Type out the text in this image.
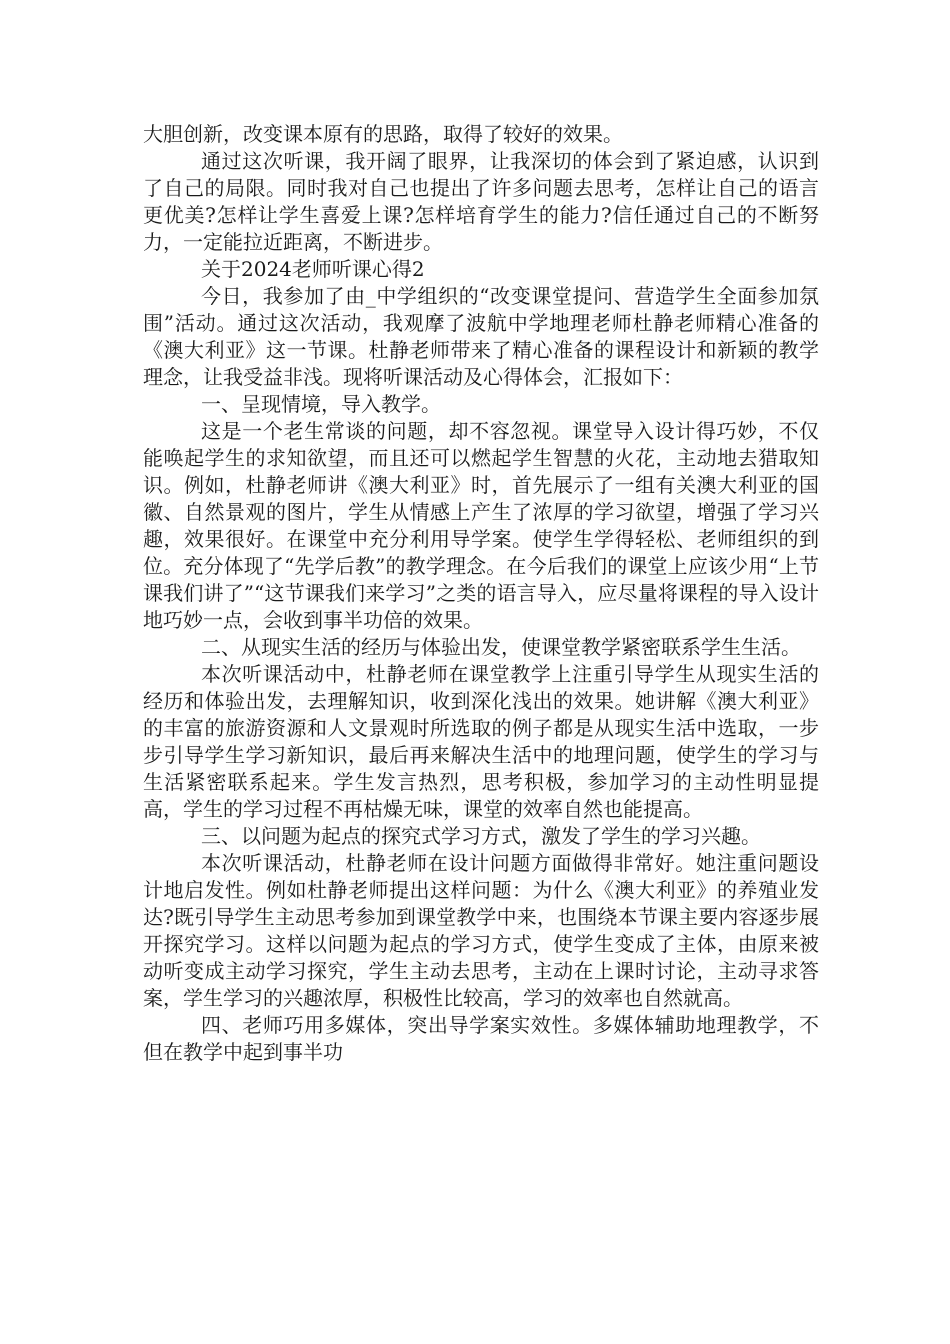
大胆创新，改变课本原有的思路，取得了较好的效果。

通过这次听课，我开阔了眼界，让我深切的体会到了紧迫感，认识到了自己的局限。同时我对自己也提出了许多问题去思考，怎样让自己的语言更优美?怎样让学生喜爱上课?怎样培育学生的能力?信任通过自己的不断努力，一定能拉近距离，不断进步。

关于2024老师听课心得2

今日，我参加了由_中学组织的“改变课堂提问、营造学生全面参加氛围”活动。通过这次活动，我观摩了波航中学地理老师杜静老师精心准备的《澳大利亚》这一节课。杜静老师带来了精心准备的课程设计和新颖的教学理念，让我受益非浅。现将听课活动及心得体会，汇报如下：

一、呈现情境，导入教学。

这是一个老生常谈的问题，却不容忽视。课堂导入设计得巧妙，不仅能唤起学生的求知欲望，而且还可以燃起学生智慧的火花，主动地去猎取知识。例如，杜静老师讲《澳大利亚》时，首先展示了一组有关澳大利亚的国徽、自然景观的图片，学生从情感上产生了浓厚的学习欲望，增强了学习兴趣，效果很好。在课堂中充分利用导学案。使学生学得轻松、老师组织的到位。充分体现了“先学后教”的教学理念。在今后我们的课堂上应该少用“上节课我们讲了”“这节课我们来学习”之类的语言导入，应尽量将课程的导入设计地巧妙一点，会收到事半功倍的效果。

二、从现实生活的经历与体验出发，使课堂教学紧密联系学生生活。

本次听课活动中，杜静老师在课堂教学上注重引导学生从现实生活的经历和体验出发，去理解知识，收到深化浅出的效果。她讲解《澳大利亚》的丰富的旅游资源和人文景观时所选取的例子都是从现实生活中选取，一步步引导学生学习新知识，最后再来解决生活中的地理问题，使学生的学习与生活紧密联系起来。学生发言热烈，思考积极，参加学习的主动性明显提高，学生的学习过程不再枯燥无味，课堂的效率自然也能提高。

三、以问题为起点的探究式学习方式，激发了学生的学习兴趣。

本次听课活动，杜静老师在设计问题方面做得非常好。她注重问题设计地启发性。例如杜静老师提出这样问题：为什么《澳大利亚》的养殖业发达?既引导学生主动思考参加到课堂教学中来，也围绕本节课主要内容逐步展开探究学习。这样以问题为起点的学习方式，使学生变成了主体，由原来被动听变成主动学习探究，学生主动去思考，主动在上课时讨论，主动寻求答案，学生学习的兴趣浓厚，积极性比较高，学习的效率也自然就高。

四、老师巧用多媒体，突出导学案实效性。多媒体辅助地理教学，不但在教学中起到事半功
